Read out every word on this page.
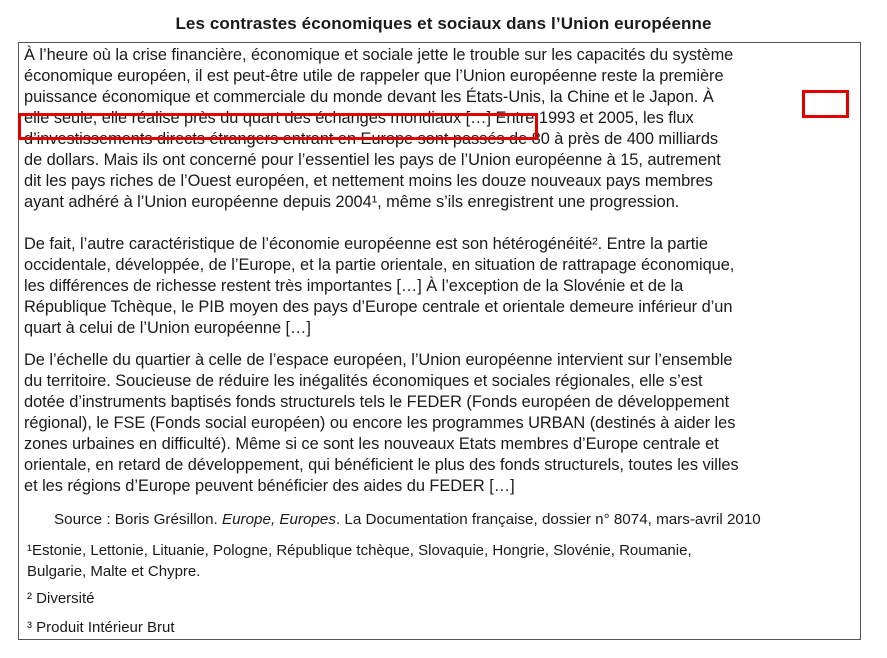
Les contrastes économiques et sociaux dans l’Union européenne
À l’heure où la crise financière, économique et sociale jette le trouble sur les capacités du système
économique européen, il est peut-être utile de rappeler que l’Union européenne reste la première
puissance économique et commerciale du monde devant les États-Unis, la Chine et le Japon. À
elle seule, elle réalise près du quart des échanges mondiaux […] Entre 1993 et 2005, les flux
d’investissements directs étrangers entrant en Europe sont passés de 80 à près de 400 milliards
de dollars. Mais ils ont concerné pour l’essentiel les pays de l’Union européenne à 15, autrement
dit les pays riches de l’Ouest européen, et nettement moins les douze nouveaux pays membres
ayant adhéré à l’Union européenne depuis 2004¹, même s’ils enregistrent une progression.
De fait, l’autre caractéristique de l’économie européenne est son hétérogénéité². Entre la partie
occidentale, développée, de l’Europe, et la partie orientale, en situation de rattrapage économique,
les différences de richesse restent très importantes […] À l’exception de la Slovénie et de la
République Tchèque, le PIB moyen des pays d’Europe centrale et orientale demeure inférieur d’un
quart à celui de l’Union européenne […]
De l’échelle du quartier à celle de l’espace européen, l’Union européenne intervient sur l’ensemble
du territoire. Soucieuse de réduire les inégalités économiques et sociales régionales, elle s’est
dotée d’instruments baptisés fonds structurels tels le FEDER (Fonds européen de développement
régional), le FSE (Fonds social européen) ou encore les programmes URBAN (destinés à aider les
zones urbaines en difficulté). Même si ce sont les nouveaux Etats membres d’Europe centrale et
orientale, en retard de développement, qui bénéficient le plus des fonds structurels, toutes les villes
et les régions d’Europe peuvent bénéficier des aides du FEDER […]
Source : Boris Grésillon. Europe, Europes. La Documentation française, dossier n° 8074, mars-avril 2010
¹Estonie, Lettonie, Lituanie, Pologne, République tchèque, Slovaquie, Hongrie, Slovénie, Roumanie,
Bulgarie, Malte et Chypre.
² Diversité
³ Produit Intérieur Brut
